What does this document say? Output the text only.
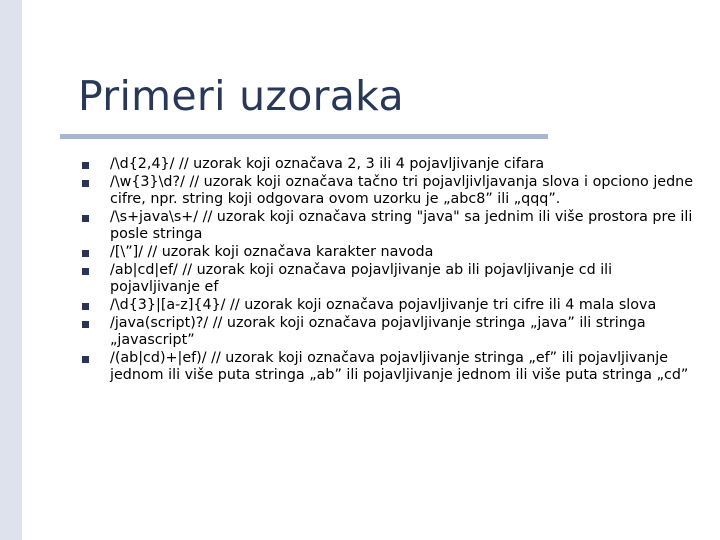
Primeri uzoraka
/\d{2,4}/ // uzorak koji označava 2, 3 ili 4 pojavljivanje cifara
/\w{3}\d?/ // uzorak koji označava tačno tri pojavljivljavanja slova i opciono jedne cifre, npr. string koji odgovara ovom uzorku je „abc8” ili „qqq”.
/\s+java\s+/ // uzorak koji označava string "java" sa jednim ili više prostora pre ili posle stringa
/[\”]/ // uzorak koji označava karakter navoda
/ab|cd|ef/ // uzorak koji označava pojavljivanje ab ili pojavljivanje cd ili pojavljivanje ef
/\d{3}|[a-z]{4}/ // uzorak koji označava pojavljivanje tri cifre ili 4 mala slova
/java(script)?/ // uzorak koji označava pojavljivanje stringa „java” ili stringa „javascript”
/(ab|cd)+|ef)/ // uzorak koji označava pojavljivanje stringa „ef” ili pojavljivanje jednom ili više puta stringa „ab” ili pojavljivanje jednom ili više puta stringa „cd”
